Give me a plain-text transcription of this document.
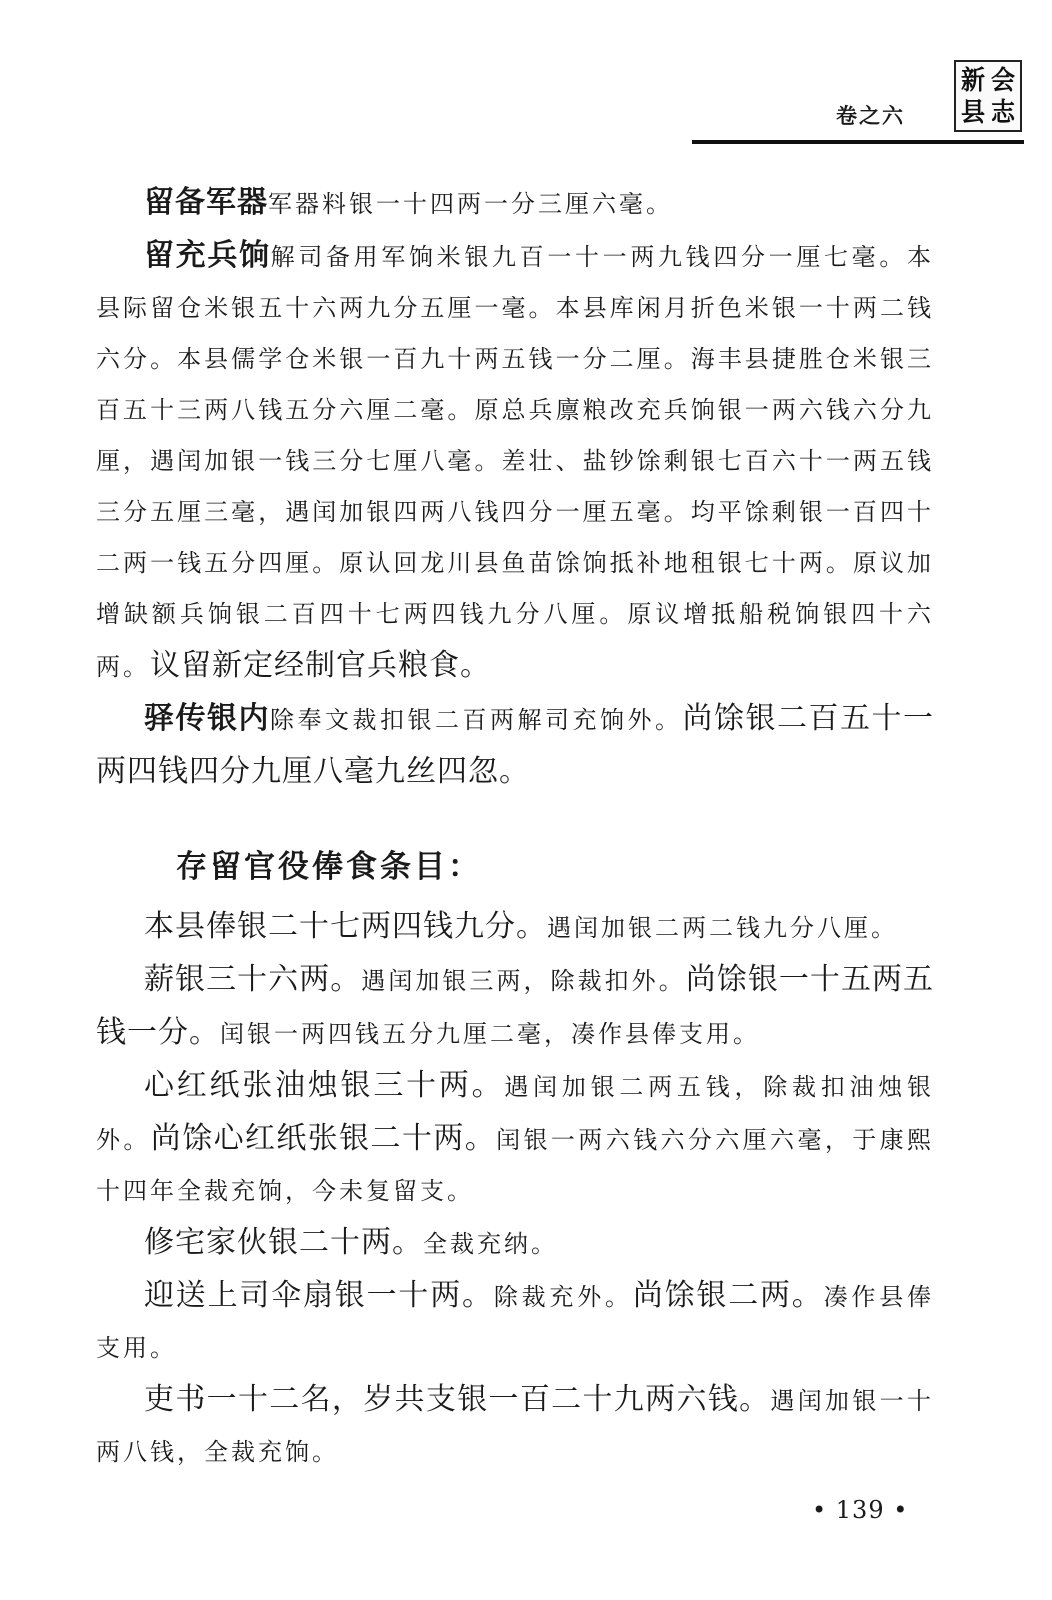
卷之六
新 会
县 志

留备军器军器料银一十四两一分三厘六毫。

留充兵饷解司备用军饷米银九百一十一两九钱四分一厘七毫。本县际留仓米银五十六两九分五厘一毫。本县库闲月折色米银一十两二钱六分。本县儒学仓米银一百九十两五钱一分二厘。海丰县捷胜仓米银三百五十三两八钱五分六厘二毫。原总兵廪粮改充兵饷银一两六钱六分九厘，遇闰加银一钱三分七厘八毫。差壮、盐钞馀剩银七百六十一两五钱三分五厘三毫，遇闰加银四两八钱四分一厘五毫。均平馀剩银一百四十二两一钱五分四厘。原认回龙川县鱼苗馀饷抵补地租银七十两。原议加增缺额兵饷银二百四十七两四钱九分八厘。原议增抵船税饷银四十六两。议留新定经制官兵粮食。

驿传银内除奉文裁扣银二百两解司充饷外。尚馀银二百五十一两四钱四分九厘八毫九丝四忽。

存留官役俸食条目：

本县俸银二十七两四钱九分。遇闰加银二两二钱九分八厘。

薪银三十六两。遇闰加银三两，除裁扣外。尚馀银一十五两五钱一分。闰银一两四钱五分九厘二毫，凑作县俸支用。

心红纸张油烛银三十两。遇闰加银二两五钱，除裁扣油烛银外。尚馀心红纸张银二十两。闰银一两六钱六分六厘六毫，于康熙十四年全裁充饷，今未复留支。

修宅家伙银二十两。全裁充纳。

迎送上司伞扇银一十两。除裁充外。尚馀银二两。凑作县俸支用。

吏书一十二名，岁共支银一百二十九两六钱。遇闰加银一十两八钱，全裁充饷。

• 139 •
